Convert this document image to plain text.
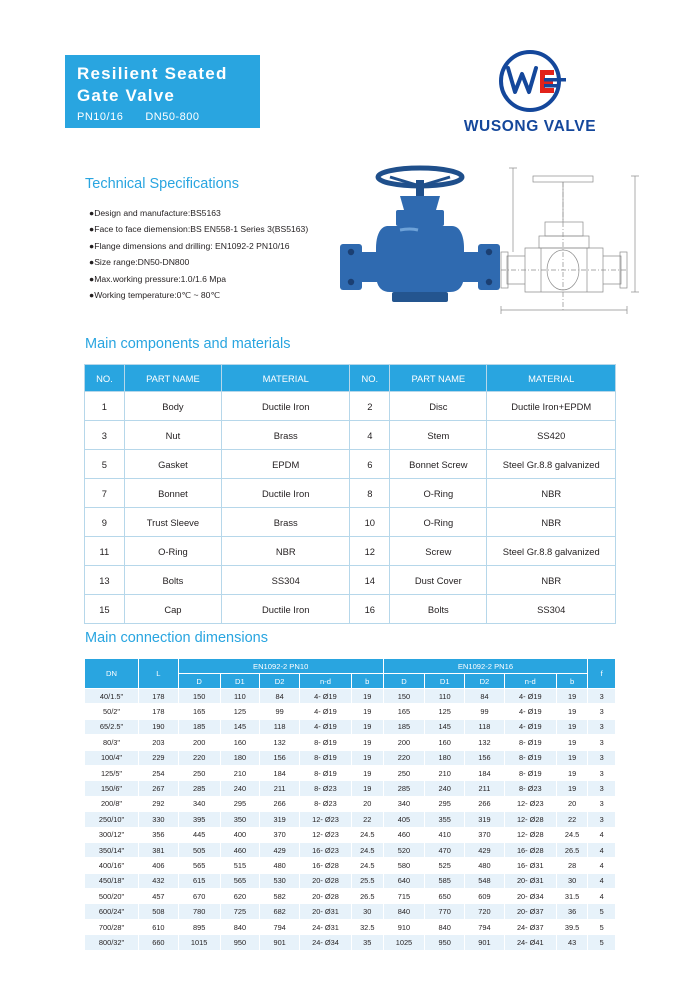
Resilient Seated
Gate Valve
PN10/16 DN50-800
WUSONG VALVE
Technical Specifications
●Design and manufacture:BS5163
●Face to face diemension:BS EN558-1 Series 3(BS5163)
●Flange dimensions and drilling: EN1092-2 PN10/16
●Size range:DN50-DN800
●Max.working pressure:1.0/1.6 Mpa
●Working temperature:0℃ ~ 80℃
Main components and materials
NO.	PART NAME	MATERIAL	NO.	PART NAME	MATERIAL
1	Body	Ductile Iron	2	Disc	Ductile Iron+EPDM
3	Nut	Brass	4	Stem	SS420
5	Gasket	EPDM	6	Bonnet Screw	Steel Gr.8.8 galvanized
7	Bonnet	Ductile Iron	8	O-Ring	NBR
9	Trust Sleeve	Brass	10	O-Ring	NBR
11	O-Ring	NBR	12	Screw	Steel Gr.8.8 galvanized
13	Bolts	SS304	14	Dust Cover	NBR
15	Cap	Ductile Iron	16	Bolts	SS304
Main connection dimensions
DN	L	EN1092-2 PN10					EN1092-2 PN16					f
		D	D1	D2	n-d	b	D	D1	D2	n-d	b	
40/1.5"	178	150	110	84	4- Ø19	19	150	110	84	4- Ø19	19	3
50/2"	178	165	125	99	4- Ø19	19	165	125	99	4- Ø19	19	3
65/2.5"	190	185	145	118	4- Ø19	19	185	145	118	4- Ø19	19	3
80/3"	203	200	160	132	8- Ø19	19	200	160	132	8- Ø19	19	3
100/4"	229	220	180	156	8- Ø19	19	220	180	156	8- Ø19	19	3
125/5"	254	250	210	184	8- Ø19	19	250	210	184	8- Ø19	19	3
150/6"	267	285	240	211	8- Ø23	19	285	240	211	8- Ø23	19	3
200/8"	292	340	295	266	8- Ø23	20	340	295	266	12- Ø23	20	3
250/10"	330	395	350	319	12- Ø23	22	405	355	319	12- Ø28	22	3
300/12"	356	445	400	370	12- Ø23	24.5	460	410	370	12- Ø28	24.5	4
350/14"	381	505	460	429	16- Ø23	24.5	520	470	429	16- Ø28	26.5	4
400/16"	406	565	515	480	16- Ø28	24.5	580	525	480	16- Ø31	28	4
450/18"	432	615	565	530	20- Ø28	25.5	640	585	548	20- Ø31	30	4
500/20"	457	670	620	582	20- Ø28	26.5	715	650	609	20- Ø34	31.5	4
600/24"	508	780	725	682	20- Ø31	30	840	770	720	20- Ø37	36	5
700/28"	610	895	840	794	24- Ø31	32.5	910	840	794	24- Ø37	39.5	5
800/32"	660	1015	950	901	24- Ø34	35	1025	950	901	24- Ø41	43	5
